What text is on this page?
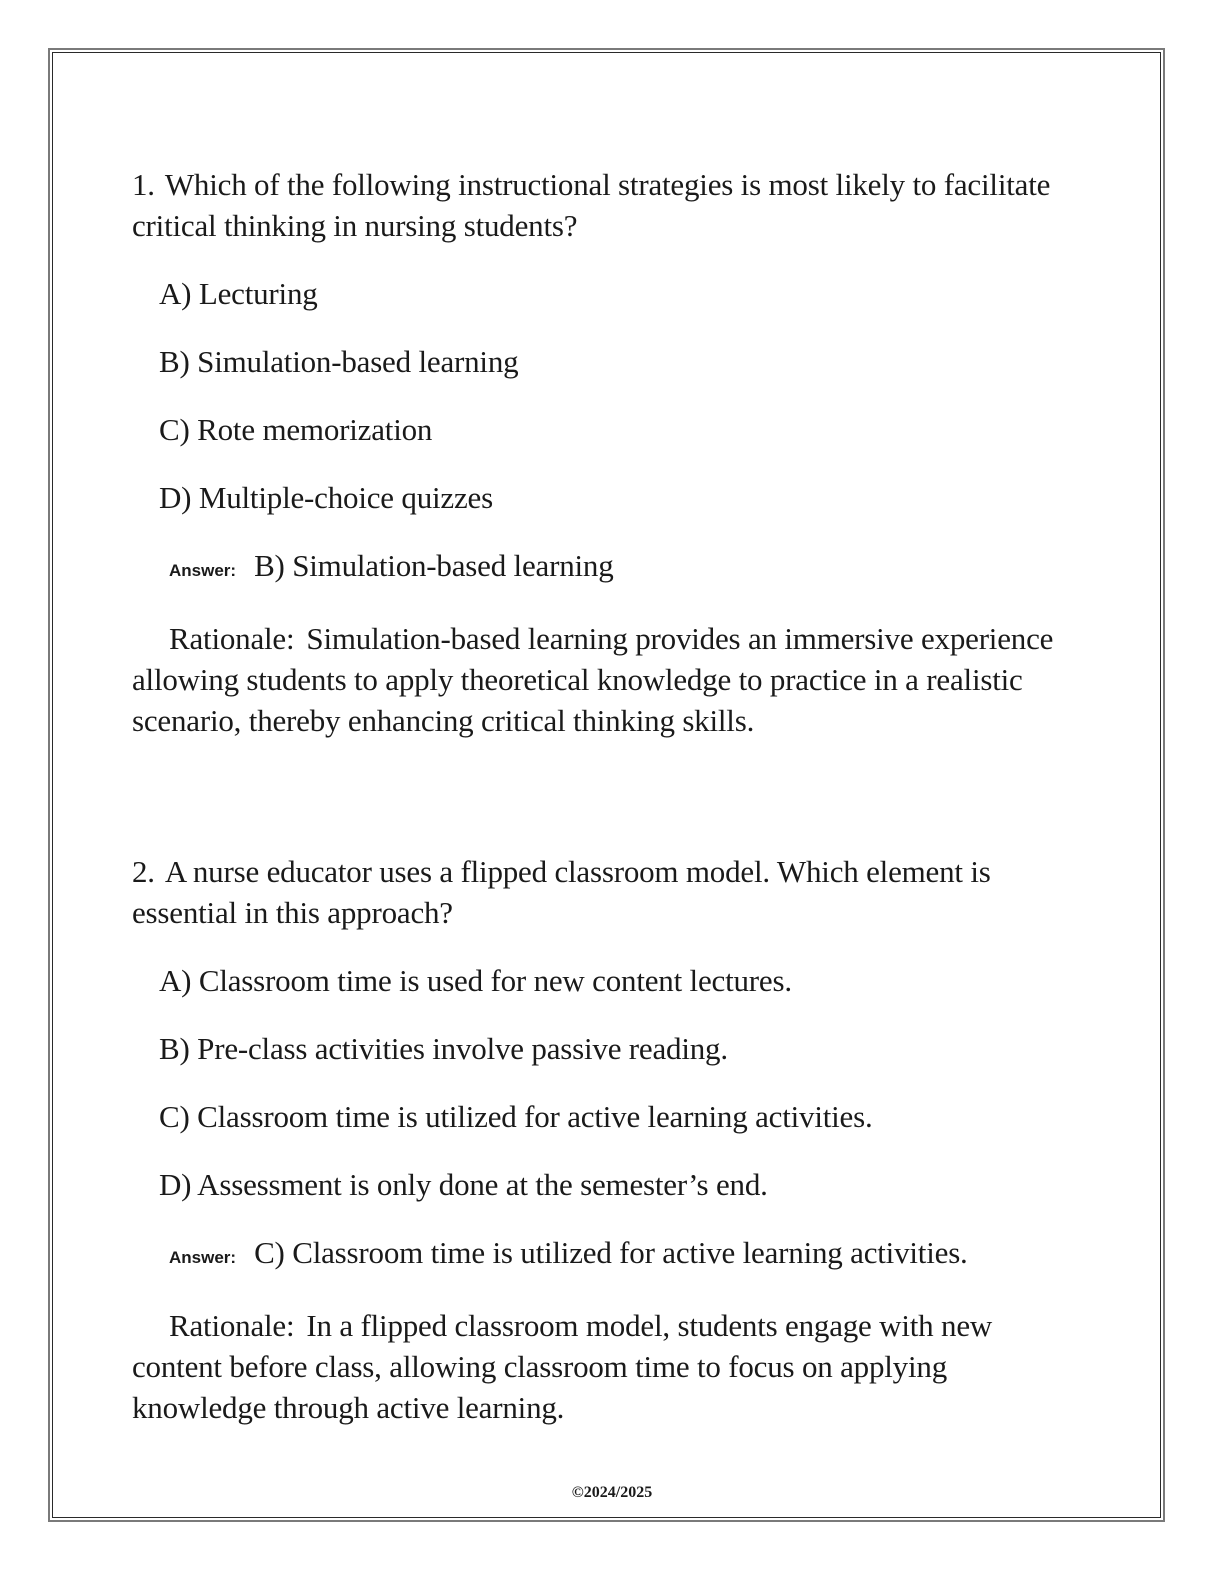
1. Which of the following instructional strategies is most likely to facilitate critical thinking in nursing students?

A) Lecturing

B) Simulation-based learning

C) Rote memorization

D) Multiple-choice quizzes

Answer: B) Simulation-based learning

Rationale: Simulation-based learning provides an immersive experience allowing students to apply theoretical knowledge to practice in a realistic scenario, thereby enhancing critical thinking skills.

2. A nurse educator uses a flipped classroom model. Which element is essential in this approach?

A) Classroom time is used for new content lectures.

B) Pre-class activities involve passive reading.

C) Classroom time is utilized for active learning activities.

D) Assessment is only done at the semester’s end.

Answer: C) Classroom time is utilized for active learning activities.

Rationale: In a flipped classroom model, students engage with new content before class, allowing classroom time to focus on applying knowledge through active learning.

©2024/2025
